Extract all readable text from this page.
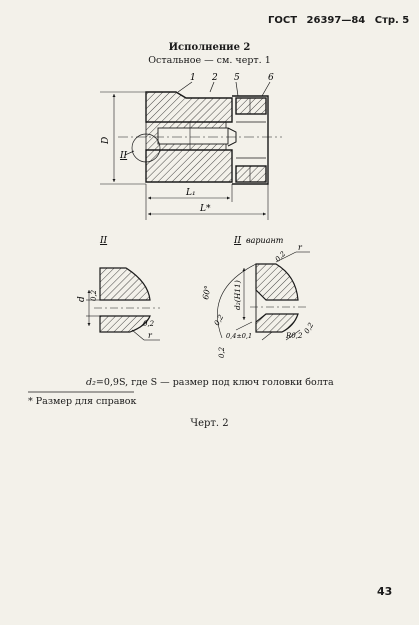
ГОСТ 26397—84 Стр. 5
Исполнение 2
Остальное — см. черт. 1
1 2 5	6
II
D
L₁
L*
II
d 0,2
0,2
r
II вариант
0,2
r
d₂(H11)
60°
0,2
0,4±0,1	R0,2
0,2
0,2
d₂=0,9S, где S — размер под ключ головки болта
* Размер для справок
Черт. 2
43
